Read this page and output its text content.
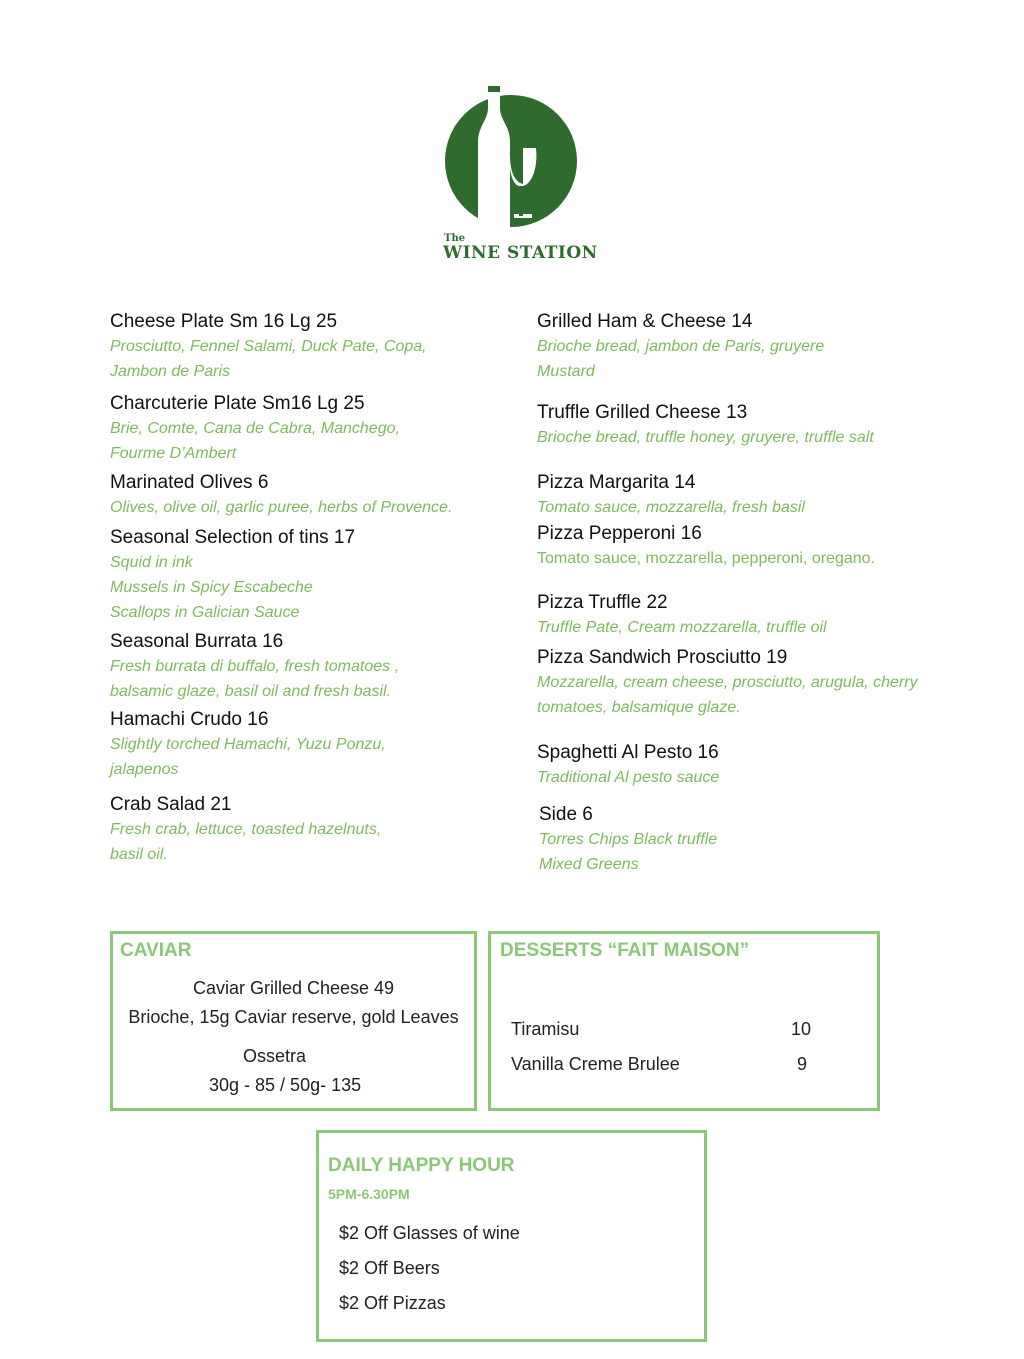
The
WINE STATION
Cheese Plate Sm 16 Lg 25
Prosciutto, Fennel Salami, Duck Pate, Copa,
Jambon de Paris
Charcuterie Plate Sm16 Lg 25
Brie, Comte, Cana de Cabra, Manchego,
Fourme D’Ambert
Marinated Olives 6
Olives, olive oil, garlic puree, herbs of Provence.
Seasonal Selection of tins 17
Squid in ink
Mussels in Spicy Escabeche
Scallops in Galician Sauce
Seasonal Burrata 16
Fresh burrata di buffalo, fresh tomatoes ,
balsamic glaze, basil oil and fresh basil.
Hamachi Crudo 16
Slightly torched Hamachi, Yuzu Ponzu,
jalapenos
Crab Salad 21
Fresh crab, lettuce, toasted hazelnuts,
basil oil.
Grilled Ham & Cheese 14
Brioche bread, jambon de Paris, gruyere
Mustard
Truffle Grilled Cheese 13
Brioche bread, truffle honey, gruyere, truffle salt
Pizza Margarita 14
Tomato sauce, mozzarella, fresh basil
Pizza Pepperoni 16
Tomato sauce, mozzarella, pepperoni, oregano.
Pizza Truffle 22
Truffle Pate, Cream mozzarella, truffle oil
Pizza Sandwich Prosciutto 19
Mozzarella, cream cheese, prosciutto, arugula, cherry
tomatoes, balsamique glaze.
Spaghetti Al Pesto 16
Traditional Al pesto sauce
Side 6
Torres Chips Black truffle
Mixed Greens
CAVIAR
Caviar Grilled Cheese 49
Brioche, 15g Caviar reserve, gold Leaves
Ossetra
30g - 85 / 50g- 135
DESSERTS “FAIT MAISON”
Tiramisu	10
Vanilla Creme Brulee	9
DAILY HAPPY HOUR
5PM-6.30PM
$2 Off Glasses of wine
$2 Off Beers
$2 Off Pizzas
